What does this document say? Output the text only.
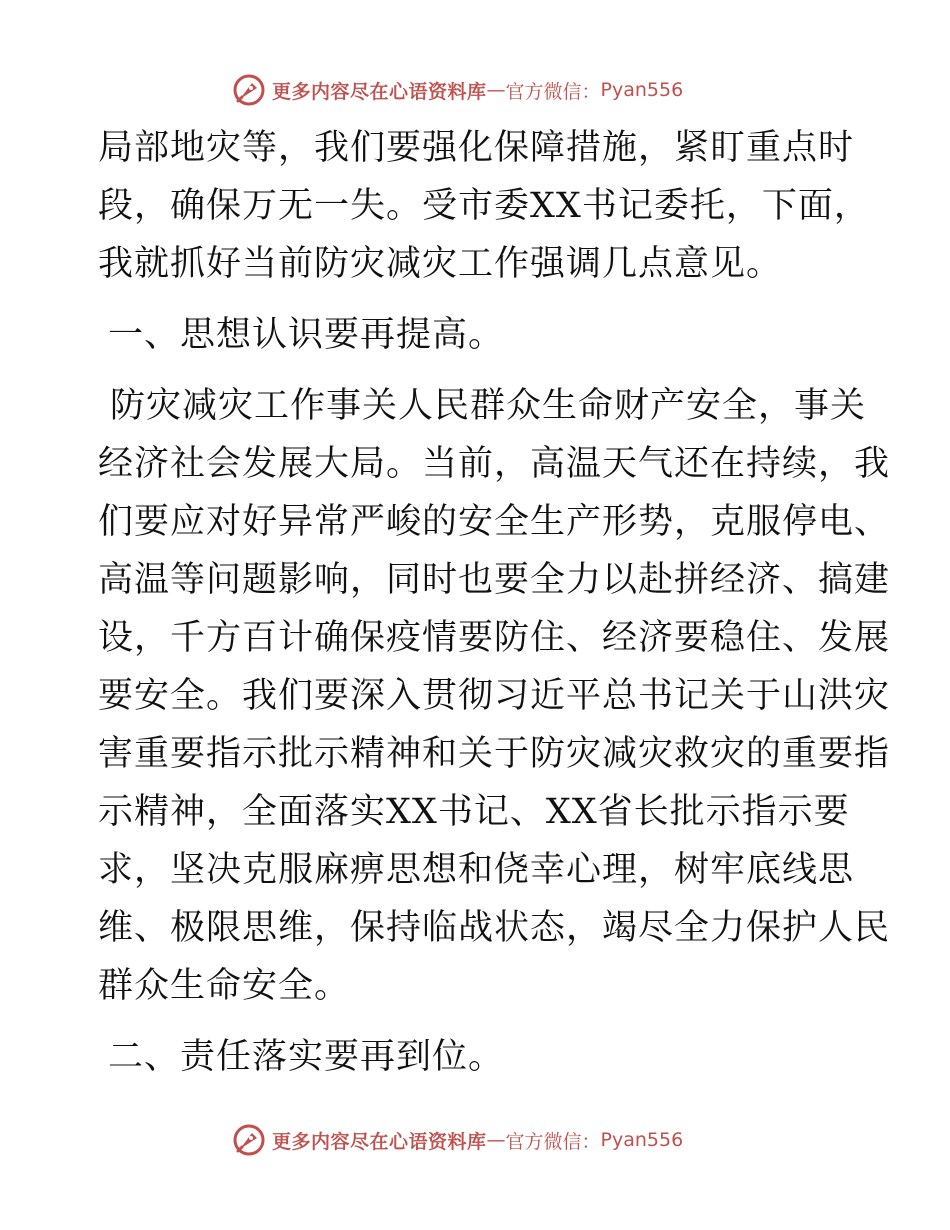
更多内容尽在心语资料库 — 官方微信： Pyan556
局部地灾等，我们要强化保障措施，紧盯重点时
段，确保万无一失。受市委XX书记委托，下面，
我就抓好当前防灾减灾工作强调几点意见。
一、思想认识要再提高。
防灾减灾工作事关人民群众生命财产安全，事关
经济社会发展大局。当前，高温天气还在持续，我
们要应对好异常严峻的安全生产形势，克服停电、
高温等问题影响，同时也要全力以赴拼经济、搞建
设，千方百计确保疫情要防住、经济要稳住、发展
要安全。我们要深入贯彻习近平总书记关于山洪灾
害重要指示批示精神和关于防灾减灾救灾的重要指
示精神，全面落实XX书记、XX省长批示指示要
求，坚决克服麻痹思想和侥幸心理，树牢底线思
维、极限思维，保持临战状态，竭尽全力保护人民
群众生命安全。
二、责任落实要再到位。
更多内容尽在心语资料库 — 官方微信： Pyan556
